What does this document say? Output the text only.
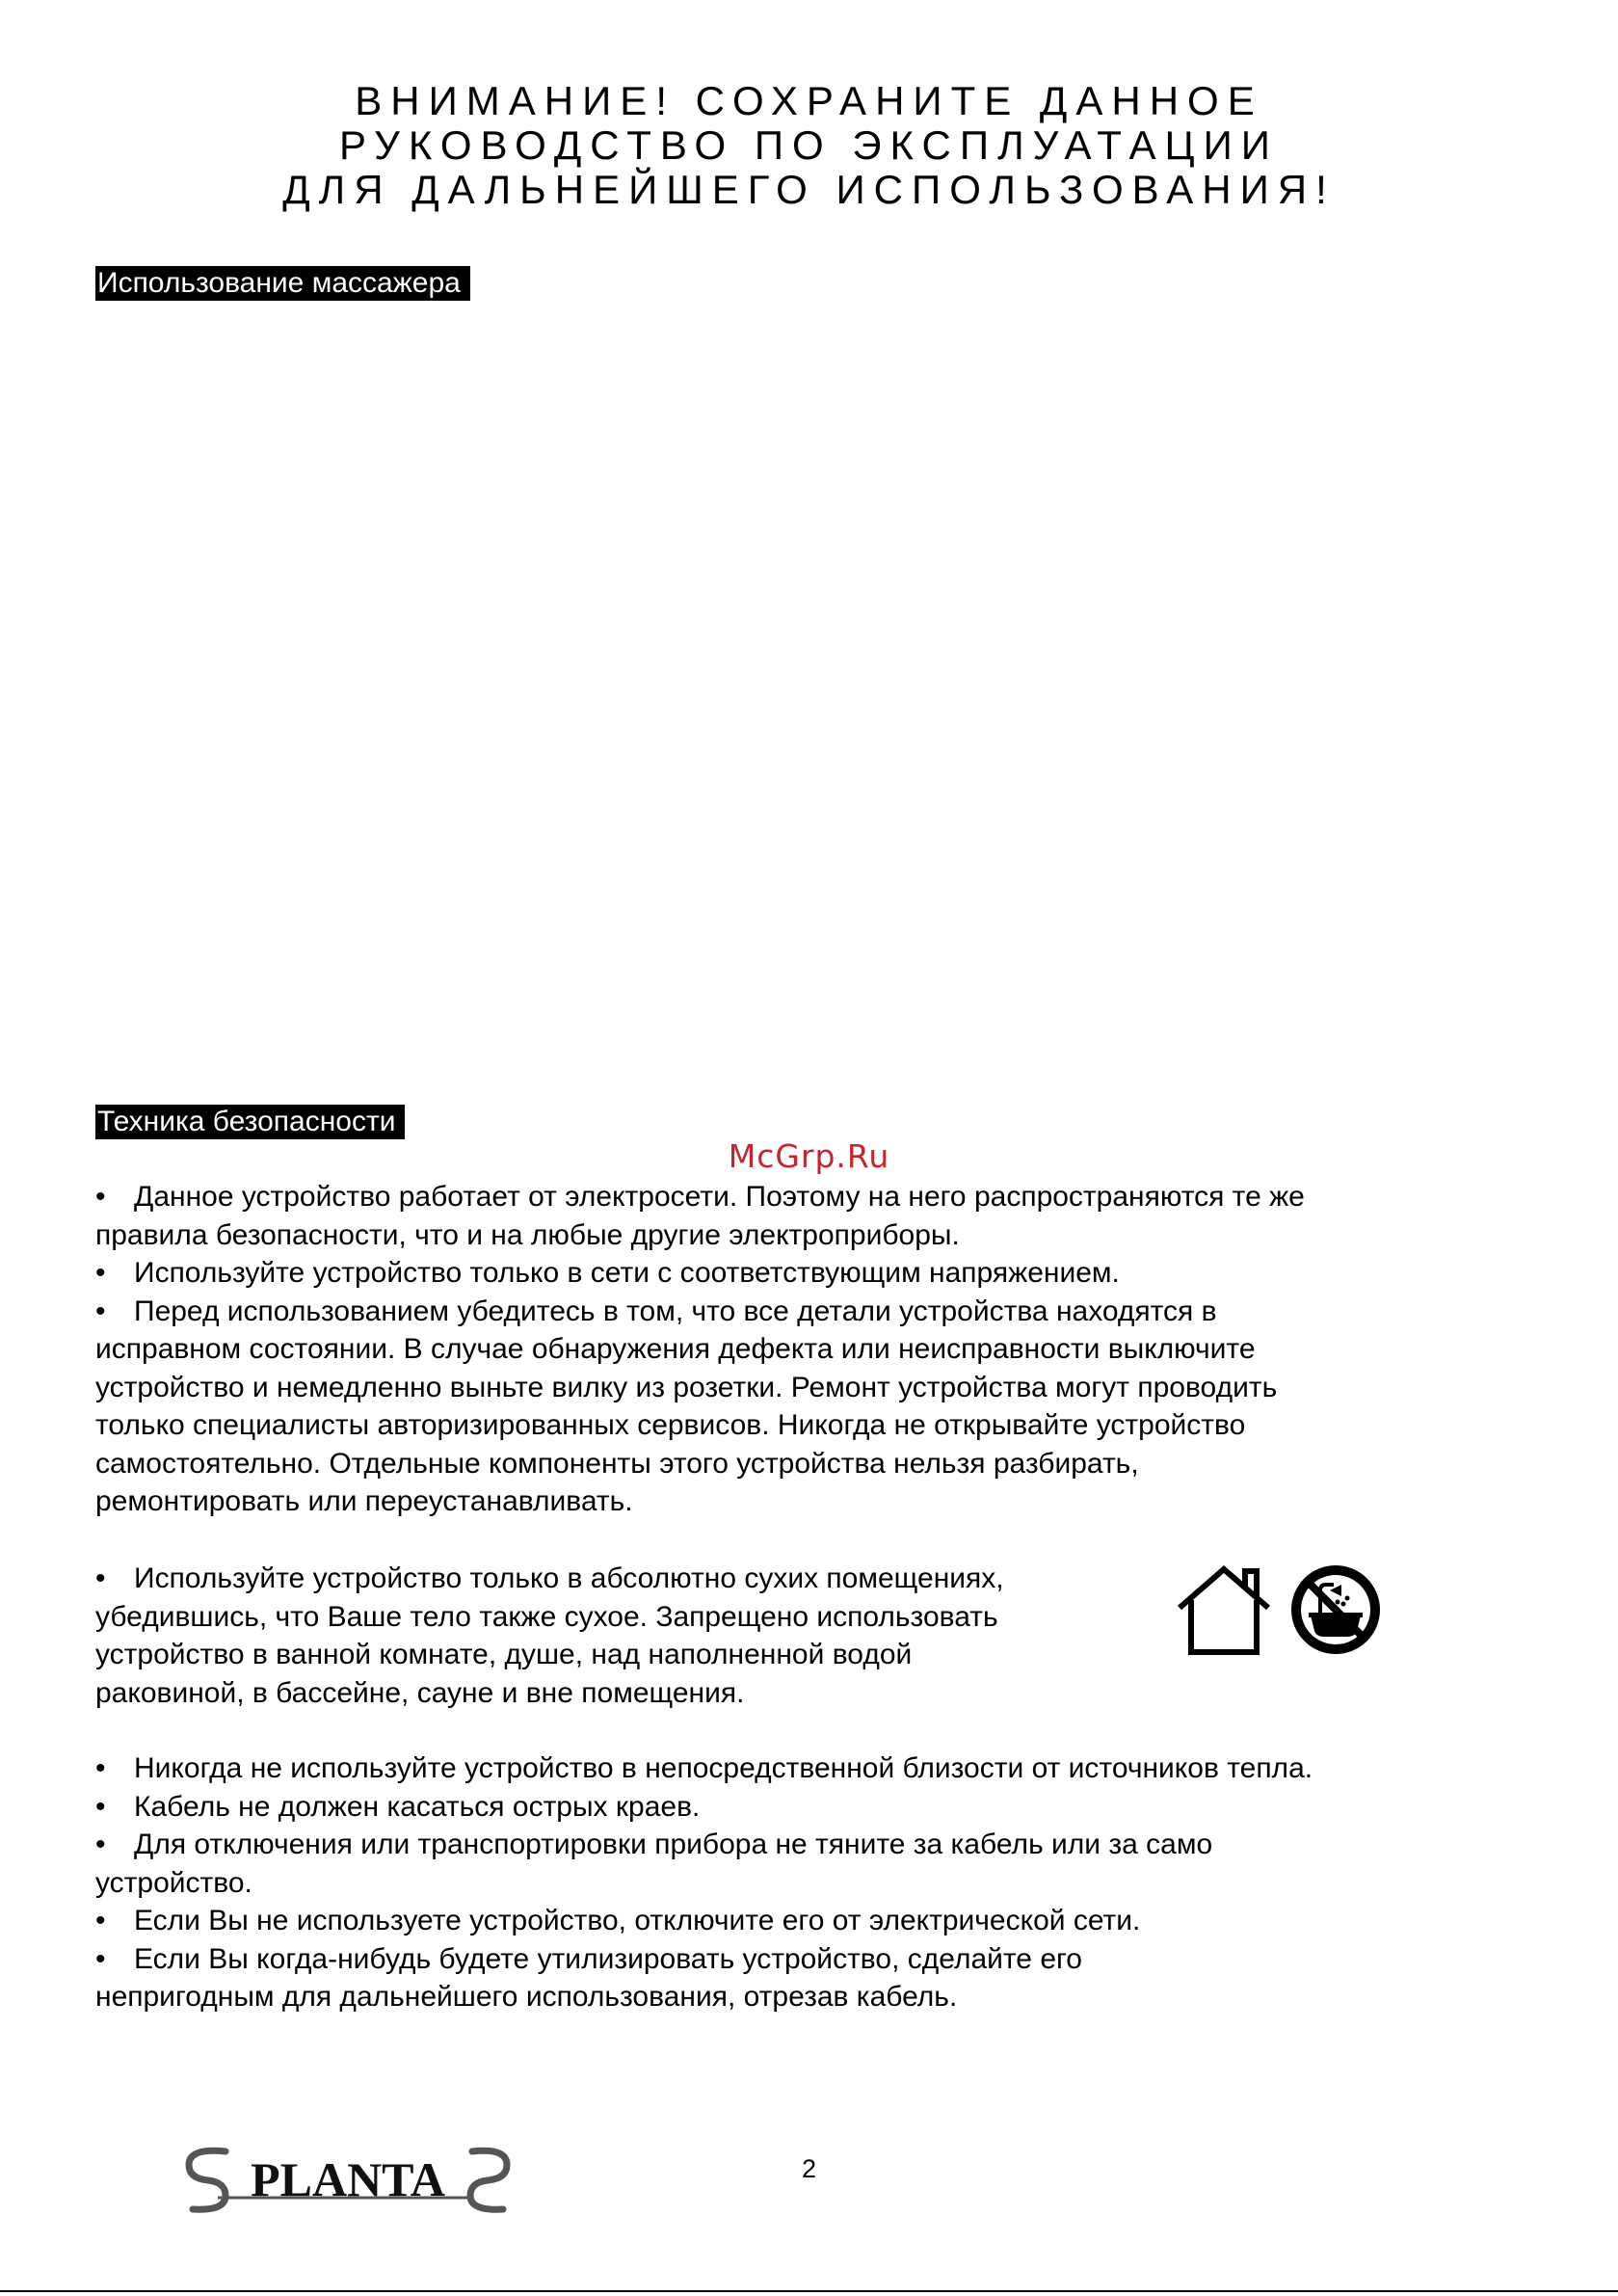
ВНИМАНИЕ! СОХРАНИТЕ ДАННОЕ
РУКОВОДСТВО ПО ЭКСПЛУАТАЦИИ
ДЛЯ ДАЛЬНЕЙШЕГО ИСПОЛЬЗОВАНИЯ!
Использование массажера
Техника безопасности
McGrp.Ru

• Данное устройство работает от электросети. Поэтому на него распространяются те же

правила безопасности, что и на любые другие электроприборы.

• Используйте устройство только в сети с соответствующим напряжением.

• Перед использованием убедитесь в том, что все детали устройства находятся в

исправном состоянии. В случае обнаружения дефекта или неисправности выключите

устройство и немедленно выньте вилку из розетки. Ремонт устройства могут проводить

только специалисты авторизированных сервисов. Никогда не открывайте устройство

самостоятельно. Отдельные компоненты этого устройства нельзя разбирать,

ремонтировать или переустанавливать.

• Используйте устройство только в абсолютно сухих помещениях,

убедившись, что Ваше тело также сухое. Запрещено использовать

устройство в ванной комнате, душе, над наполненной водой

раковиной, в бассейне, сауне и вне помещения.

• Никогда не используйте устройство в непосредственной близости от источников тепла.

• Кабель не должен касаться острых краев.

• Для отключения или транспортировки прибора не тяните за кабель или за само

устройство.

• Если Вы не используете устройство, отключите его от электрической сети.

• Если Вы когда-нибудь будете утилизировать устройство, сделайте его

непригодным для дальнейшего использования, отрезав кабель.

PLANTA	2
